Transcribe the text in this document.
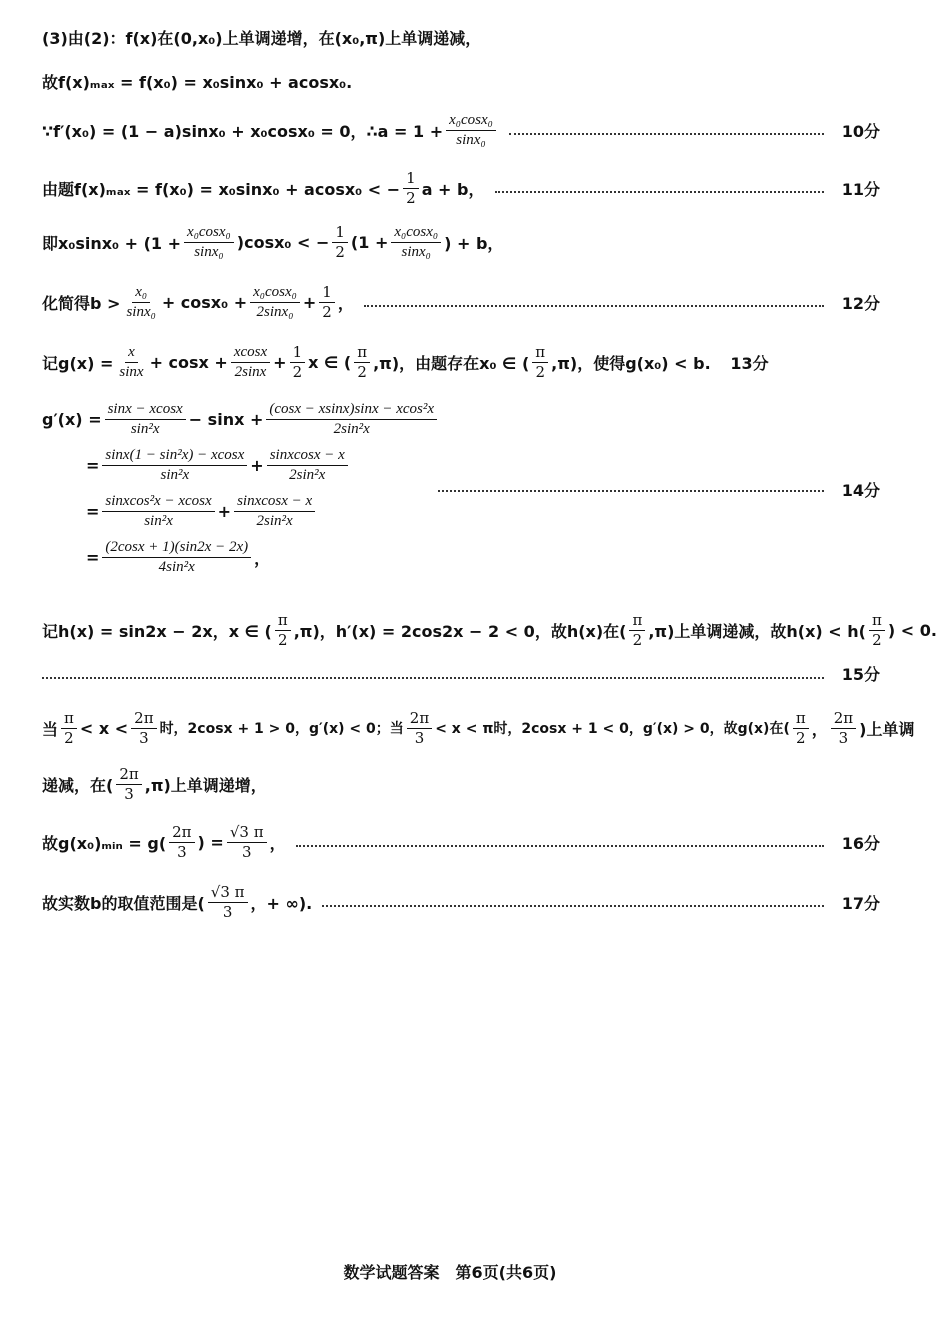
(3)由(2)：f(x)在(0,x₀)上单调递增，在(x₀,π)上单调递减，
故f(x)ₘₐₓ = f(x₀) = x₀sinx₀ + acosx₀.
∵f′(x₀) = (1 − a)sinx₀ + x₀cosx₀ = 0，∴a = $1 + \frac{\text{x₀cosx₀}}{\text{sinx₀}}$	10分
由题f(x)ₘₐₓ = f(x₀) = x₀sinx₀ + acosx₀ < − $\frac{1}{2}$ a + b，	11分
即$x_0\sin x_0 + (1 + \frac{\text{x₀cosx₀}}{\text{sinx₀}} )\cos x_0$ < − $\frac{1}{2} (1 + \frac{\text{x₀cosx₀}}{\text{sinx₀}}$ ) + b，
化简得$b > \frac{\text{x₀}}{\text{sinx₀}} + \cos x_0 + \frac{\text{x₀cosx₀}}{\text{2sinx₀}} + \frac{1}{2}$ ，	12分
记$g(x) = \frac{x}{\sin x} + \cos x + \frac{xcosx}{2\sin x} + \frac{1}{2}$ x ∈ ( $\frac{\pi}{2} ,\pi$)，由题存在x₀ ∈ ( $\frac{\pi}{2} ,\pi$)，使得g(x₀) < b.	13分
$g'(x) = \frac{\sin x - xcosx}{\text{sin²x}} - \sin x + \frac{\text{(cosx − xsinx)sinx − xcos²x}}{\text{2sin²x}}$
= $\frac{\text{sinx(1 − sin²x) − xcosx}}{\text{sin²x}} + \frac{\text{sinxcosx − x}}{\text{2sin²x}}$
= $\frac{\text{sinxcos²x − xcosx}}{\text{sin²x}} + \frac{\text{sinxcosx − x}}{\text{2sin²x}}$
14分
= $\frac{(2\cos x + 1)(\sin 2x - 2x)}{\text{4sin²x}}$ ，
记h(x) = sin2x − 2x，x ∈ ( $\frac{\pi}{2} ,\pi$)，h′(x) = 2cos2x − 2 < 0，故h(x)在( $\frac{\pi}{2} ,\pi$)上单调递减，故$h(x) < h( \frac{\pi}{2}$ ) < 0.
15分
当 $\frac{\pi}{2} < x < \frac{2\pi}{3}$ 时，2cosx + 1 > 0，g′(x) < 0；当 $\frac{2\pi}{3} < x < \pi$时，2cosx + 1 < 0，g′(x) > 0，故g(x)在( $\frac{\pi}{2}$ ， $\frac{2\pi}{3}$ )上单调
递减，在( $\frac{2\pi}{3} ,\pi$)上单调递增，
故g(x₀)ₘᵢₙ = $g( \frac{2\pi}{3}$ ) = $\frac{√3 \pi}{3}$ ，	16分
故实数b的取值范围是( $\frac{√3 \pi}{3}$ ，+ ∞).	17分
数学试题答案　第6页(共6页)
